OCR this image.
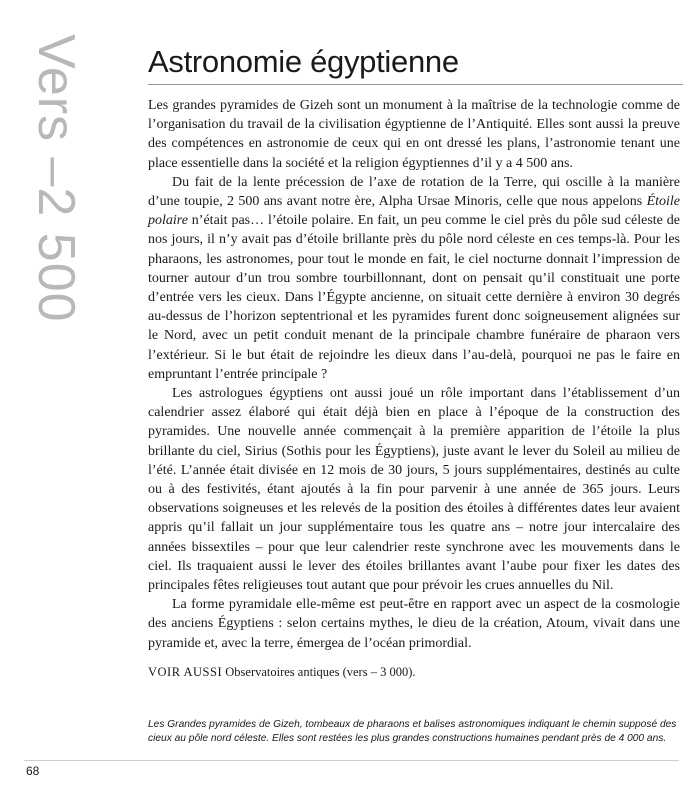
Vers –2 500 Astronomie égyptienne

Les grandes pyramides de Gizeh sont un monument à la maîtrise de la technologie comme de l’organisation du travail de la civilisation égyptienne de l’Antiquité. Elles sont aussi la preuve des compétences en astronomie de ceux qui en ont dressé les plans, l’astronomie tenant une place essentielle dans la société et la religion égyptiennes d’il y a 4 500 ans.

Du fait de la lente précession de l’axe de rotation de la Terre, qui oscille à la manière d’une toupie, 2 500 ans avant notre ère, Alpha Ursae Minoris, celle que nous appelons Étoile polaire n’était pas… l’étoile polaire. En fait, un peu comme le ciel près du pôle sud céleste de nos jours, il n’y avait pas d’étoile brillante près du pôle nord céleste en ces temps-là. Pour les pharaons, les astronomes, pour tout le monde en fait, le ciel nocturne donnait l’impression de tourner autour d’un trou sombre tourbillonnant, dont on pensait qu’il constituait une porte d’entrée vers les cieux. Dans l’Égypte ancienne, on situait cette dernière à environ 30 degrés au-dessus de l’horizon septentrional et les pyramides furent donc soigneusement alignées sur le Nord, avec un petit conduit menant de la principale chambre funéraire de pharaon vers l’extérieur. Si le but était de rejoindre les dieux dans l’au-delà, pourquoi ne pas le faire en empruntant l’entrée principale ?

Les astrologues égyptiens ont aussi joué un rôle important dans l’établissement d’un calendrier assez élaboré qui était déjà bien en place à l’époque de la construction des pyramides. Une nouvelle année commençait à la première apparition de l’étoile la plus brillante du ciel, Sirius (Sothis pour les Égyptiens), juste avant le lever du Soleil au milieu de l’été. L’année était divisée en 12 mois de 30 jours, 5 jours supplémentaires, destinés au culte ou à des festivités, étant ajoutés à la fin pour parvenir à une année de 365 jours. Leurs observations soigneuses et les relevés de la position des étoiles à différentes dates leur avaient appris qu’il fallait un jour supplémentaire tous les quatre ans – notre jour intercalaire des années bissextiles – pour que leur calendrier reste synchrone avec les mouvements dans le ciel. Ils traquaient aussi le lever des étoiles brillantes avant l’aube pour fixer les dates des principales fêtes religieuses tout autant que pour prévoir les crues annuelles du Nil.

La forme pyramidale elle-même est peut-être en rapport avec un aspect de la cosmologie des anciens Égyptiens : selon certains mythes, le dieu de la création, Atoum, vivait dans une pyramide et, avec la terre, émergea de l’océan primordial.

VOIR AUSSI Observatoires antiques (vers – 3 000).

Les Grandes pyramides de Gizeh, tombeaux de pharaons et balises astronomiques indiquant le chemin supposé des cieux au pôle nord céleste. Elles sont restées les plus grandes constructions humaines pendant près de 4 000 ans.
68
